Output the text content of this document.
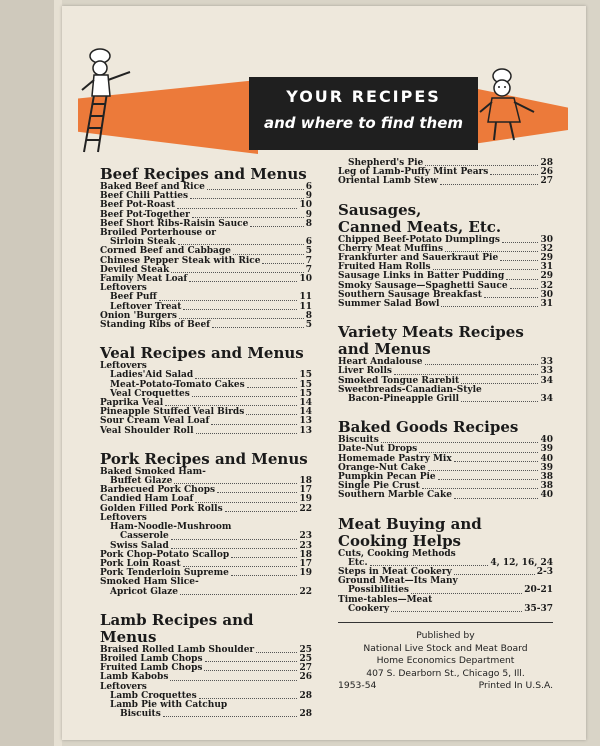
YOUR RECIPES
and where to find them
Beef Recipes and Menus
Baked Beef and Rice	6
Beef Chili Patties	9
Beef Pot-Roast	10
Beef Pot-Together	9
Beef Short Ribs-Raisin Sauce	8
Broiled Porterhouse or
Sirloin Steak	6
Corned Beef and Cabbage	5
Chinese Pepper Steak with Rice	7
Deviled Steak	7
Family Meat Loaf	10
Leftovers
Beef Puff	11
Leftover Treat	11
Onion 'Burgers	8
Standing Ribs of Beef	5
Veal Recipes and Menus
Leftovers
Ladies'Aid Salad	15
Meat-Potato-Tomato Cakes	15
Veal Croquettes	15
Paprika Veal	14
Pineapple Stuffed Veal Birds	14
Sour Cream Veal Loaf	13
Veal Shoulder Roll	13
Pork Recipes and Menus
Baked Smoked Ham-
Buffet Glaze	18
Barbecued Pork Chops	17
Candied Ham Loaf	19
Golden Filled Pork Rolls	22
Leftovers
Ham-Noodle-Mushroom
Casserole	23
Swiss Salad	23
Pork Chop-Potato Scallop	18
Pork Loin Roast	17
Pork Tenderloin Supreme	19
Smoked Ham Slice-
Apricot Glaze	22
Lamb Recipes and Menus
Braised Rolled Lamb Shoulder	25
Broiled Lamb Chops	25
Fruited Lamb Chops	27
Lamb Kabobs	26
Leftovers
Lamb Croquettes	28
Lamb Pie with Catchup
Biscuits	28
Shepherd's Pie	28
Leg of Lamb-Puffy Mint Pears	26
Oriental Lamb Stew	27
Sausages,
Canned Meats, Etc.
Chipped Beef-Potato Dumplings	30
Cherry Meat Muffins	32
Frankfurter and Sauerkraut Pie	29
Fruited Ham Rolls	31
Sausage Links in Batter Pudding	29
Smoky Sausage—Spaghetti Sauce	32
Southern Sausage Breakfast	30
Summer Salad Bowl	31
Variety Meats Recipes
and Menus
Heart Andalouse	33
Liver Rolls	33
Smoked Tongue Rarebit	34
Sweetbreads-Canadian-Style
Bacon-Pineapple Grill	34
Baked Goods Recipes
Biscuits	40
Date-Nut Drops	39
Homemade Pastry Mix	40
Orange-Nut Cake	39
Pumpkin Pecan Pie	38
Single Pie Crust	38
Southern Marble Cake	40
Meat Buying and
Cooking Helps
Cuts, Cooking Methods
Etc.	4, 12, 16, 24
Steps in Meat Cookery	2-3
Ground Meat—Its Many
Possibilities	20-21
Time-tables—Meat
Cookery	35-37
Published by
National Live Stock and Meat Board
Home Economics Department
407 S. Dearborn St., Chicago 5, Ill.
1953-54	Printed In U.S.A.
